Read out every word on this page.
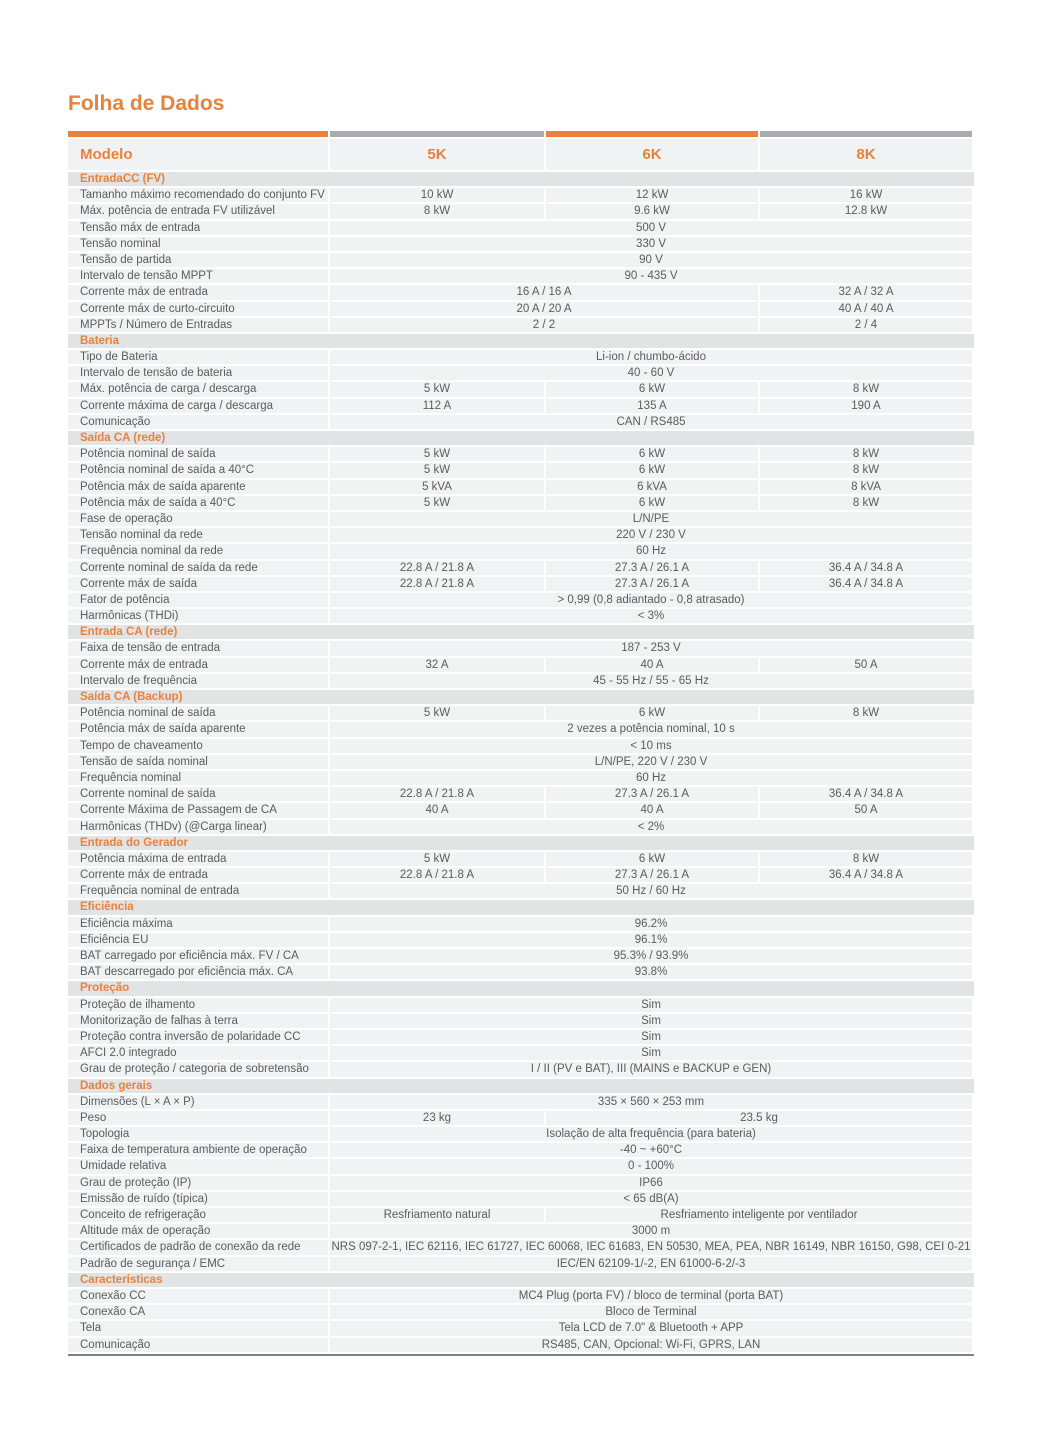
Folha de Dados
Modelo	5K	6K	8K
EntradaCC (FV)
Tamanho máximo recomendado do conjunto FV	10 kW	12 kW	16 kW
Máx. potência de entrada FV utilizável	8 kW	9.6 kW	12.8 kW
Tensão máx de entrada	500 V
Tensão nominal	330 V
Tensão de partida	90 V
Intervalo de tensão MPPT	90 - 435 V
Corrente máx de entrada	16 A / 16 A	32 A / 32 A
Corrente máx de curto-circuito	20 A / 20 A	40 A / 40 A
MPPTs / Número de Entradas	2 / 2	2 / 4
Bateria
Tipo de Bateria	Li-ion / chumbo-ácido
Intervalo de tensão de bateria	40 - 60 V
Máx. potência de carga / descarga	5 kW	6 kW	8 kW
Corrente máxima de carga / descarga	112 A	135 A	190 A
Comunicação	CAN / RS485
Saída CA (rede)
Potência nominal de saída	5 kW	6 kW	8 kW
Potência nominal de saída a 40°C	5 kW	6 kW	8 kW
Potência máx de saída aparente	5 kVA	6 kVA	8 kVA
Potência máx de saída a 40°C	5 kW	6 kW	8 kW
Fase de operação	L/N/PE
Tensão nominal da rede	220 V / 230 V
Frequência nominal da rede	60 Hz
Corrente nominal de saída da rede	22.8 A / 21.8 A	27.3 A / 26.1 A	36.4 A / 34.8 A
Corrente máx de saída	22.8 A / 21.8 A	27.3 A / 26.1 A	36.4 A / 34.8 A
Fator de potência	> 0,99 (0,8 adiantado - 0,8 atrasado)
Harmônicas (THDi)	< 3%
Entrada CA (rede)
Faixa de tensão de entrada	187 - 253 V
Corrente máx de entrada	32 A	40 A	50 A
Intervalo de frequência	45 - 55 Hz / 55 - 65 Hz
Saída CA (Backup)
Potência nominal de saída	5 kW	6 kW	8 kW
Potência máx de saída aparente	2 vezes a potência nominal, 10 s
Tempo de chaveamento	< 10 ms
Tensão de saída nominal	L/N/PE, 220 V / 230 V
Frequência nominal	60 Hz
Corrente nominal de saída	22.8 A / 21.8 A	27.3 A / 26.1 A	36.4 A / 34.8 A
Corrente Máxima de Passagem de CA	40 A	40 A	50 A
Harmônicas (THDv) (@Carga linear)	< 2%
Entrada do Gerador
Potência máxima de entrada	5 kW	6 kW	8 kW
Corrente máx de entrada	22.8 A / 21.8 A	27.3 A / 26.1 A	36.4 A / 34.8 A
Frequência nominal de entrada	50 Hz / 60 Hz
Eficiência
Eficiência máxima	96.2%
Eficiência EU	96.1%
BAT carregado por eficiência máx. FV / CA	95.3% / 93.9%
BAT descarregado por eficiência máx. CA	93.8%
Proteção
Proteção de ilhamento	Sim
Monitorização de falhas à terra	Sim
Proteção contra inversão de polaridade CC	Sim
AFCI 2.0 integrado	Sim
Grau de proteção / categoria de sobretensão	I / II (PV e BAT), III (MAINS e BACKUP e GEN)
Dados gerais
Dimensões (L × A × P)	335 × 560 × 253 mm
Peso	23 kg	23.5 kg
Topologia	Isolação de alta frequência (para bateria)
Faixa de temperatura ambiente de operação	-40 ~ +60°C
Umidade relativa	0 - 100%
Grau de proteção (IP)	IP66
Emissão de ruído (típica)	< 65 dB(A)
Conceito de refrigeração	Resfriamento natural	Resfriamento inteligente por ventilador
Altitude máx de operação	3000 m
Certificados de padrão de conexão da rede	NRS 097-2-1, IEC 62116, IEC 61727, IEC 60068, IEC 61683, EN 50530, MEA, PEA, NBR 16149, NBR 16150, G98, CEI 0-21
Padrão de segurança / EMC	IEC/EN 62109-1/-2, EN 61000-6-2/-3
Características
Conexão CC	MC4 Plug (porta FV) / bloco de terminal (porta BAT)
Conexão CA	Bloco de Terminal
Tela	Tela LCD de 7.0" & Bluetooth + APP
Comunicação	RS485, CAN, Opcional: Wi-Fi, GPRS, LAN
